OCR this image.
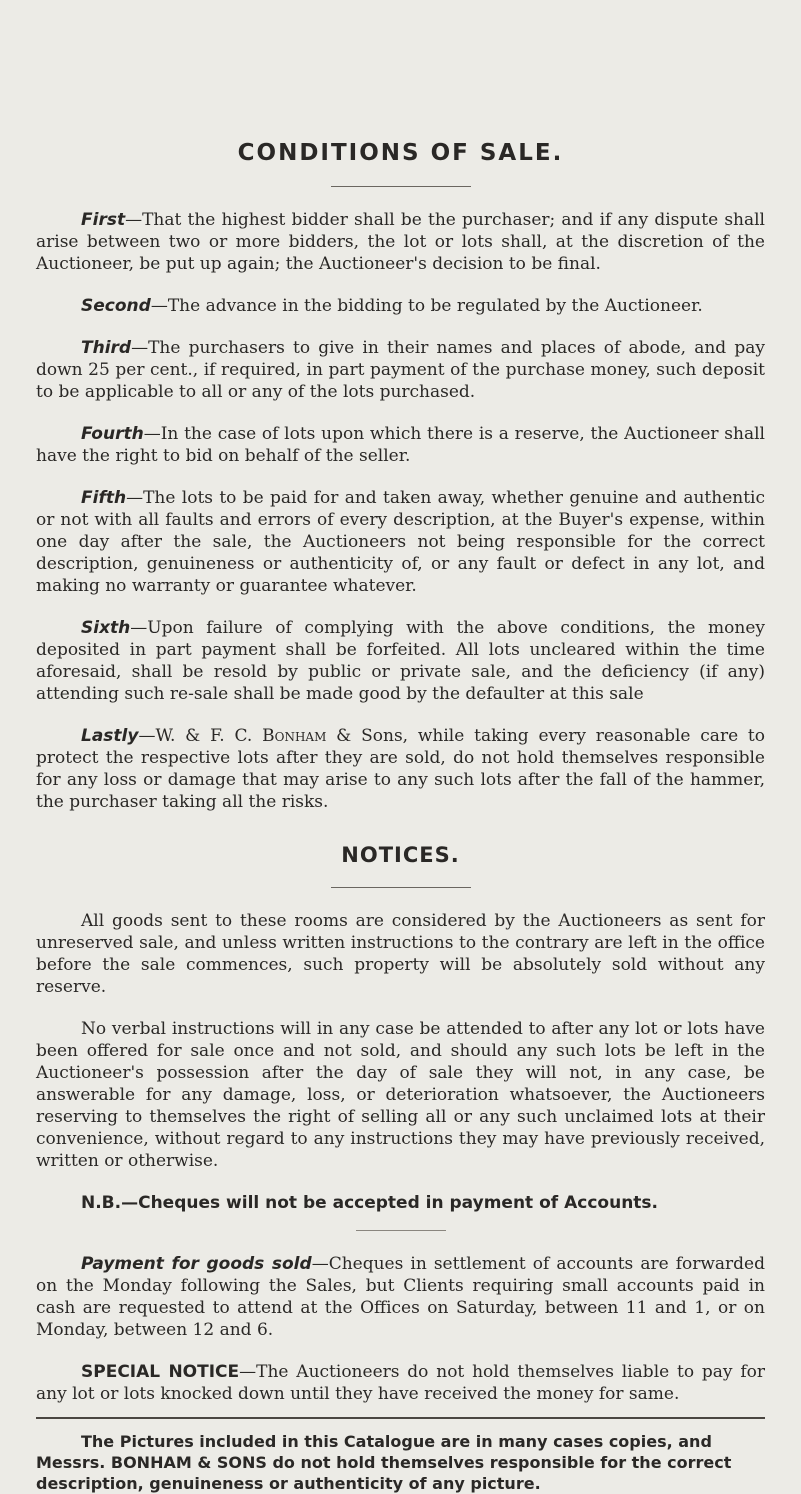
CONDITIONS OF SALE.

First—That the highest bidder shall be the purchaser; and if any dispute shall arise between two or more bidders, the lot or lots shall, at the discretion of the Auctioneer, be put up again; the Auctioneer's decision to be final.

Second—The advance in the bidding to be regulated by the Auctioneer.

Third—The purchasers to give in their names and places of abode, and pay down 25 per cent., if required, in part payment of the purchase money, such deposit to be applicable to all or any of the lots purchased.

Fourth—In the case of lots upon which there is a reserve, the Auctioneer shall have the right to bid on behalf of the seller.

Fifth—The lots to be paid for and taken away, whether genuine and authentic or not with all faults and errors of every description, at the Buyer's expense, within one day after the sale, the Auctioneers not being responsible for the correct description, genuineness or authenticity of, or any fault or defect in any lot, and making no warranty or guarantee whatever.

Sixth—Upon failure of complying with the above conditions, the money deposited in part payment shall be forfeited. All lots uncleared within the time aforesaid, shall be resold by public or private sale, and the deficiency (if any) attending such re-sale shall be made good by the defaulter at this sale

Lastly—W. & F. C. Bonham & Sons, while taking every reasonable care to protect the respective lots after they are sold, do not hold themselves responsible for any loss or damage that may arise to any such lots after the fall of the hammer, the purchaser taking all the risks.

NOTICES.

All goods sent to these rooms are considered by the Auctioneers as sent for unreserved sale, and unless written instructions to the contrary are left in the office before the sale commences, such property will be absolutely sold without any reserve.

No verbal instructions will in any case be attended to after any lot or lots have been offered for sale once and not sold, and should any such lots be left in the Auctioneer's possession after the day of sale they will not, in any case, be answerable for any damage, loss, or deterioration whatsoever, the Auctioneers reserving to themselves the right of selling all or any such unclaimed lots at their convenience, without regard to any instructions they may have previously received, written or otherwise.

N.B.—Cheques will not be accepted in payment of Accounts.

Payment for goods sold—Cheques in settlement of accounts are forwarded on the Monday following the Sales, but Clients requiring small accounts paid in cash are requested to attend at the Offices on Saturday, between 11 and 1, or on Monday, between 12 and 6.

SPECIAL NOTICE—The Auctioneers do not hold themselves liable to pay for any lot or lots knocked down until they have received the money for same.

The Pictures included in this Catalogue are in many cases copies, and Messrs. BONHAM & SONS do not hold themselves responsible for the correct description, genuineness or authenticity of any picture.
